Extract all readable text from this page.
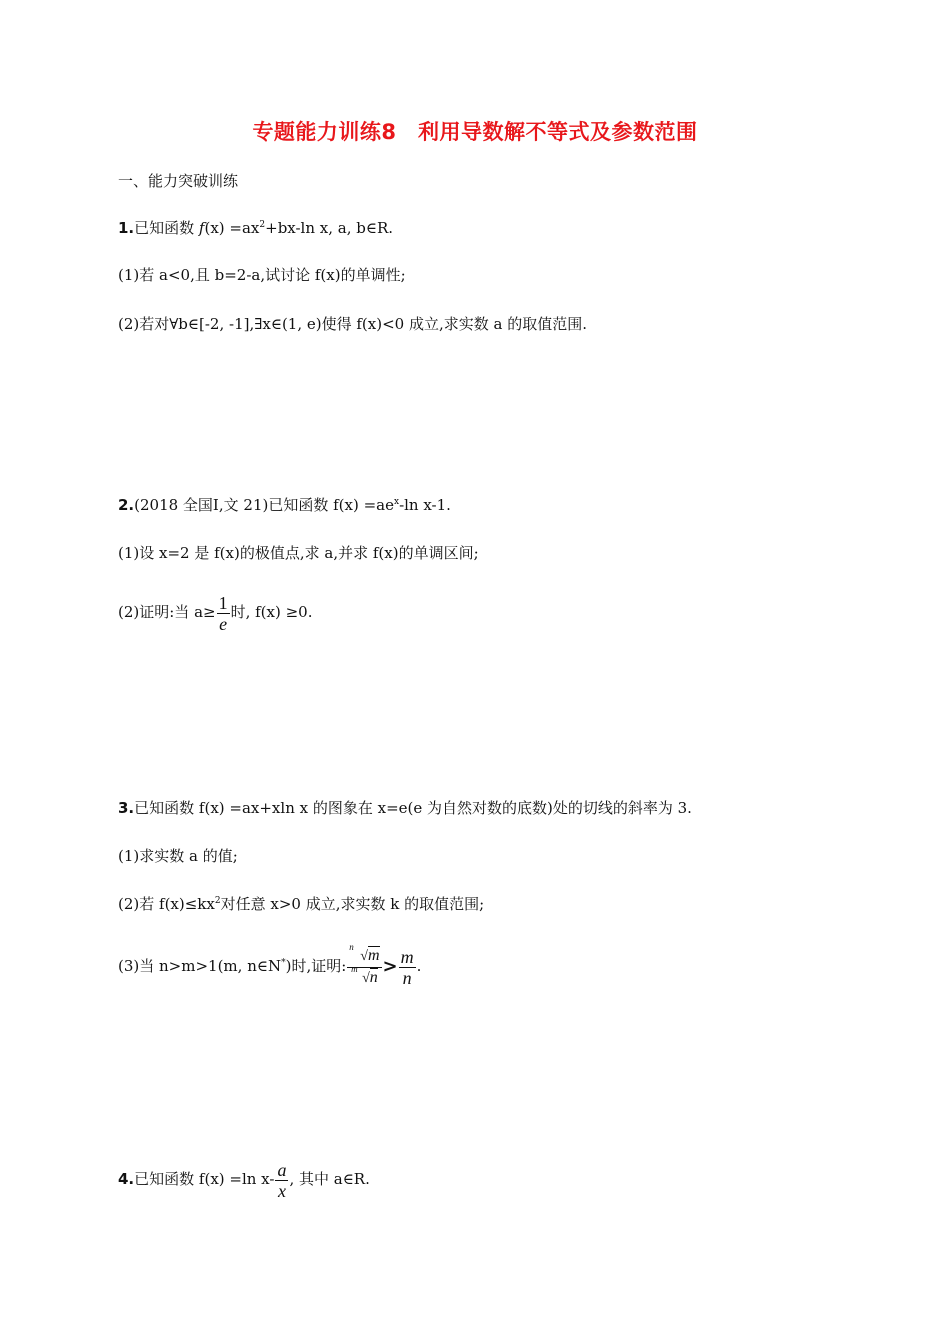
专题能力训练8　利用导数解不等式及参数范围
一、能力突破训练
1.已知函数 $f(x) =ax^2+bx-\ln$ x, a, b∈R.
(1)若 a<0,且 b=2-a,试讨论 f(x)的单调性;
(2)若对∀b∈[-2, -1],∃x∈(1, e)使得 f(x)<0 成立,求实数 a 的取值范围.
2.(2018 全国Ⅰ,文 21)已知函数 $f(x) =ae^x-\ln$ x-1.
(1)设 x=2 是 f(x)的极值点,求 a,并求 f(x)的单调区间;
(2)证明:当 $a\ge \frac{1}{e}$ 时, f(x) ≥0.
3.已知函数 f(x) =ax+xln x 的图象在 x=e(e 为自然对数的底数)处的切线的斜率为 3.
(1)求实数 a 的值;
(2)若 $f(x)\le kx^2$对任意 x>0 成立,求实数 k 的取值范围;
(3)当 n>m>1(m, n∈N*)时,证明: n
√m
m
$√n > \frac{m}{n}$ .
4.已知函数 f(x) =ln $x- \frac{a}{x}$ , 其中 a∈R.
